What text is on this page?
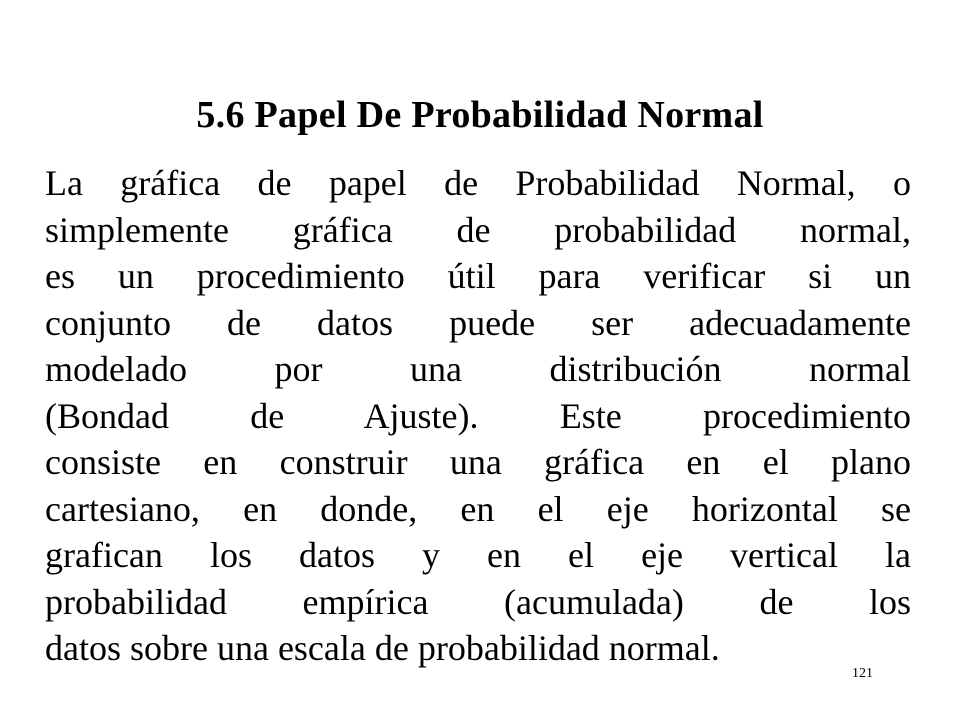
5.6 Papel De Probabilidad Normal
La gráfica de papel de Probabilidad Normal, o
simplemente gráfica de probabilidad normal,
es un procedimiento útil para verificar si un
conjunto de datos puede ser adecuadamente
modelado por una distribución normal
(Bondad de Ajuste). Este procedimiento
consiste en construir una gráfica en el plano
cartesiano, en donde, en el eje horizontal se
grafican los datos y en el eje vertical la
probabilidad empírica (acumulada) de los
datos sobre una escala de probabilidad normal.
121
